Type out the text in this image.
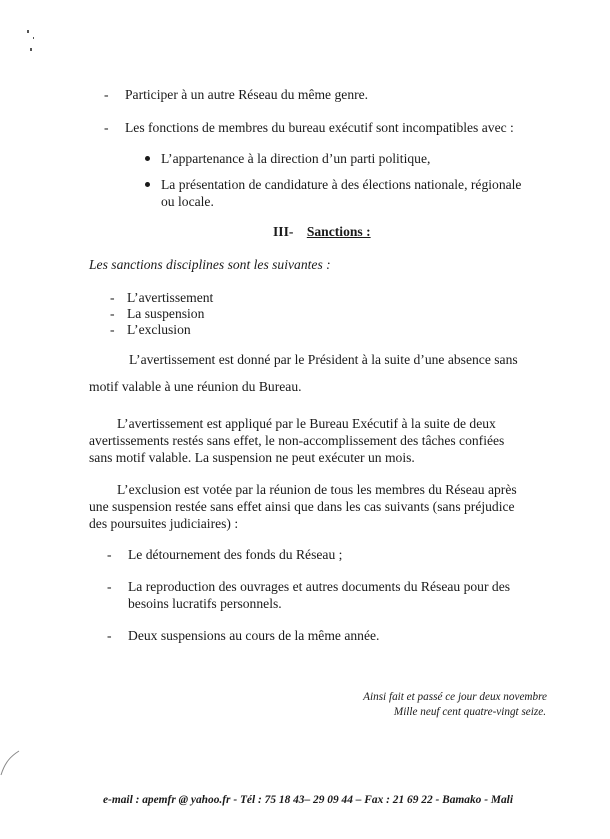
- Participer à un autre Réseau du même genre.
- Les fonctions de membres du bureau exécutif sont incompatibles avec :
L’appartenance à la direction d’un parti politique,
La présentation de candidature à des élections nationale, régionale
ou locale.
III- Sanctions :
Les sanctions disciplines sont les suivantes :
- L’avertissement
- La suspension
- L’exclusion
L’avertissement est donné par le Président à la suite d’une absence sans
motif valable à une réunion du Bureau.
L’avertissement est appliqué par le Bureau Exécutif à la suite de deux
avertissements restés sans effet, le non-accomplissement des tâches confiées
sans motif valable. La suspension ne peut exécuter un mois.
L’exclusion est votée par la réunion de tous les membres du Réseau après
une suspension restée sans effet ainsi que dans les cas suivants (sans préjudice
des poursuites judiciaires) :
- Le détournement des fonds du Réseau ;
- La reproduction des ouvrages et autres documents du Réseau pour des
besoins lucratifs personnels.
- Deux suspensions au cours de la même année.
Ainsi fait et passé ce jour deux novembre
Mille neuf cent quatre-vingt seize.
e-mail : apemfr @ yahoo.fr - Tél : 75 18 43– 29 09 44 – Fax : 21 69 22 - Bamako - Mali
